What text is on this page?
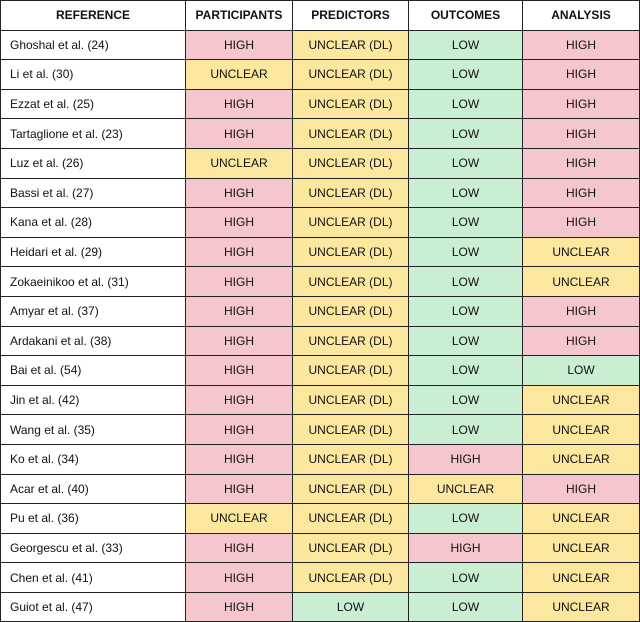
REFERENCE	PARTICIPANTS	PREDICTORS	OUTCOMES	ANALYSIS
Ghoshal et al. (24)	HIGH	UNCLEAR (DL)	LOW	HIGH
Li et al. (30)	UNCLEAR	UNCLEAR (DL)	LOW	HIGH
Ezzat et al. (25)	HIGH	UNCLEAR (DL)	LOW	HIGH
Tartaglione et al. (23)	HIGH	UNCLEAR (DL)	LOW	HIGH
Luz et al. (26)	UNCLEAR	UNCLEAR (DL)	LOW	HIGH
Bassi et al. (27)	HIGH	UNCLEAR (DL)	LOW	HIGH
Kana et al. (28)	HIGH	UNCLEAR (DL)	LOW	HIGH
Heidari et al. (29)	HIGH	UNCLEAR (DL)	LOW	UNCLEAR
Zokaeinikoo et al. (31)	HIGH	UNCLEAR (DL)	LOW	UNCLEAR
Amyar et al. (37)	HIGH	UNCLEAR (DL)	LOW	HIGH
Ardakani et al. (38)	HIGH	UNCLEAR (DL)	LOW	HIGH
Bai et al. (54)	HIGH	UNCLEAR (DL)	LOW	LOW
Jin et al. (42)	HIGH	UNCLEAR (DL)	LOW	UNCLEAR
Wang et al. (35)	HIGH	UNCLEAR (DL)	LOW	UNCLEAR
Ko et al. (34)	HIGH	UNCLEAR (DL)	HIGH	UNCLEAR
Acar et al. (40)	HIGH	UNCLEAR (DL)	UNCLEAR	HIGH
Pu et al. (36)	UNCLEAR	UNCLEAR (DL)	LOW	UNCLEAR
Georgescu et al. (33)	HIGH	UNCLEAR (DL)	HIGH	UNCLEAR
Chen et al. (41)	HIGH	UNCLEAR (DL)	LOW	UNCLEAR
Guiot et al. (47)	HIGH	LOW	LOW	UNCLEAR
